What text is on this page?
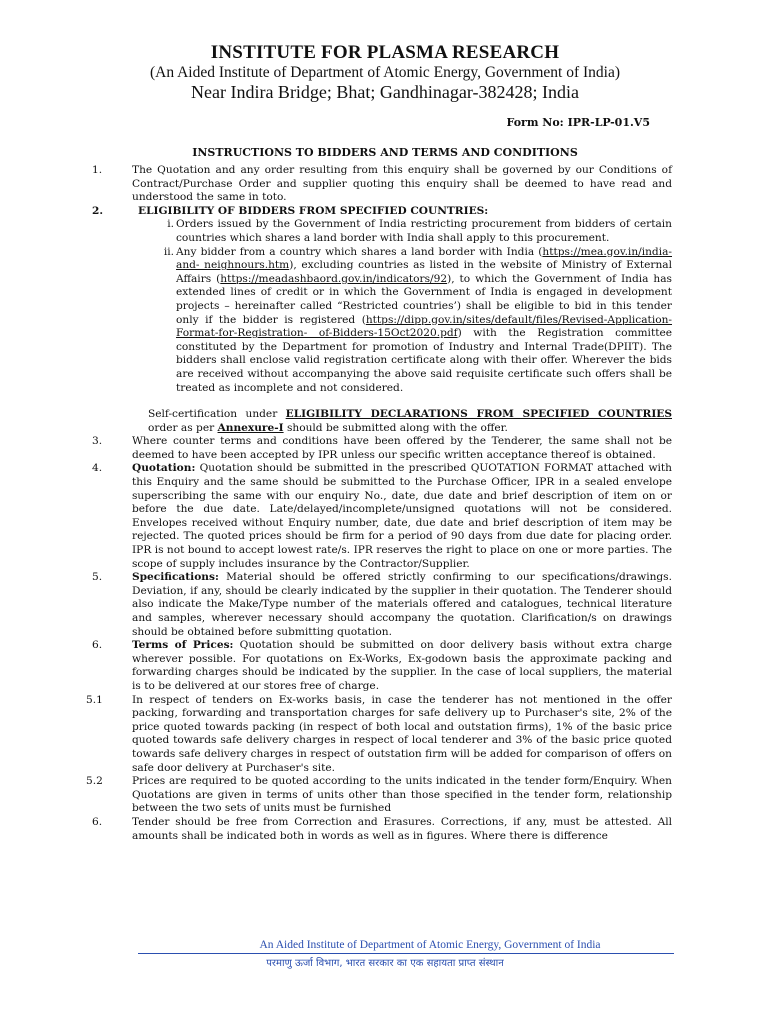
INSTITUTE FOR PLASMA RESEARCH
(An Aided Institute of Department of Atomic Energy, Government of India)
Near Indira Bridge; Bhat; Gandhinagar-382428; India
Form No: IPR-LP-01.V5
INSTRUCTIONS TO BIDDERS AND TERMS AND CONDITIONS
1.	The Quotation and any order resulting from this enquiry shall be governed by our Conditions of Contract/Purchase Order and supplier quoting this enquiry shall be deemed to have read and understood the same in toto.
2.	ELIGIBILITY OF BIDDERS FROM SPECIFIED COUNTRIES:
i. Orders issued by the Government of India restricting procurement from bidders of certain countries which shares a land border with India shall apply to this procurement.
ii. Any bidder from a country which shares a land border with India (https://mea.gov.in/india-and- neighnours.htm), excluding countries as listed in the website of Ministry of External Affairs (https://meadashbaord.gov.in/indicators/92), to which the Government of India has extended lines of credit or in which the Government of India is engaged in development projects – hereinafter called “Restricted countries’) shall be eligible to bid in this tender only if the bidder is registered (https://dipp.gov.in/sites/default/files/Revised-Application-Format-for-Registration- of-Bidders-15Oct2020.pdf) with the Registration committee constituted by the Department for promotion of Industry and Internal Trade(DPIIT). The bidders shall enclose valid registration certificate along with their offer. Wherever the bids are received without accompanying the above said requisite certificate such offers shall be treated as incomplete and not considered.
Self-certification under ELIGIBILITY DECLARATIONS FROM SPECIFIED COUNTRIES order as per Annexure-I should be submitted along with the offer.
3.	Where counter terms and conditions have been offered by the Tenderer, the same shall not be deemed to have been accepted by IPR unless our specific written acceptance thereof is obtained.
4.	Quotation: Quotation should be submitted in the prescribed QUOTATION FORMAT attached with this Enquiry and the same should be submitted to the Purchase Officer, IPR in a sealed envelope superscribing the same with our enquiry No., date, due date and brief description of item on or before the due date. Late/delayed/incomplete/unsigned quotations will not be considered. Envelopes received without Enquiry number, date, due date and brief description of item may be rejected. The quoted prices should be firm for a period of 90 days from due date for placing order. IPR is not bound to accept lowest rate/s. IPR reserves the right to place on one or more parties. The scope of supply includes insurance by the Contractor/Supplier.
5.	Specifications: Material should be offered strictly confirming to our specifications/drawings. Deviation, if any, should be clearly indicated by the supplier in their quotation. The Tenderer should also indicate the Make/Type number of the materials offered and catalogues, technical literature and samples, wherever necessary should accompany the quotation. Clarification/s on drawings should be obtained before submitting quotation.
6.	Terms of Prices: Quotation should be submitted on door delivery basis without extra charge wherever possible. For quotations on Ex-Works, Ex-godown basis the approximate packing and forwarding charges should be indicated by the supplier. In the case of local suppliers, the material is to be delivered at our stores free of charge.
5.1	In respect of tenders on Ex-works basis, in case the tenderer has not mentioned in the offer packing, forwarding and transportation charges for safe delivery up to Purchaser's site, 2% of the price quoted towards packing (in respect of both local and outstation firms), 1% of the basic price quoted towards safe delivery charges in respect of local tenderer and 3% of the basic price quoted towards safe delivery charges in respect of outstation firm will be added for comparison of offers on safe door delivery at Purchaser's site.
5.2	Prices are required to be quoted according to the units indicated in the tender form/Enquiry. When Quotations are given in terms of units other than those specified in the tender form, relationship between the two sets of units must be furnished
6.	Tender should be free from Correction and Erasures. Corrections, if any, must be attested. All amounts shall be indicated both in words as well as in figures. Where there is difference
An Aided Institute of Department of Atomic Energy, Government of India
परमाणु ऊर्जा विभाग, भारत सरकार का एक सहायता प्राप्त संस्थान
